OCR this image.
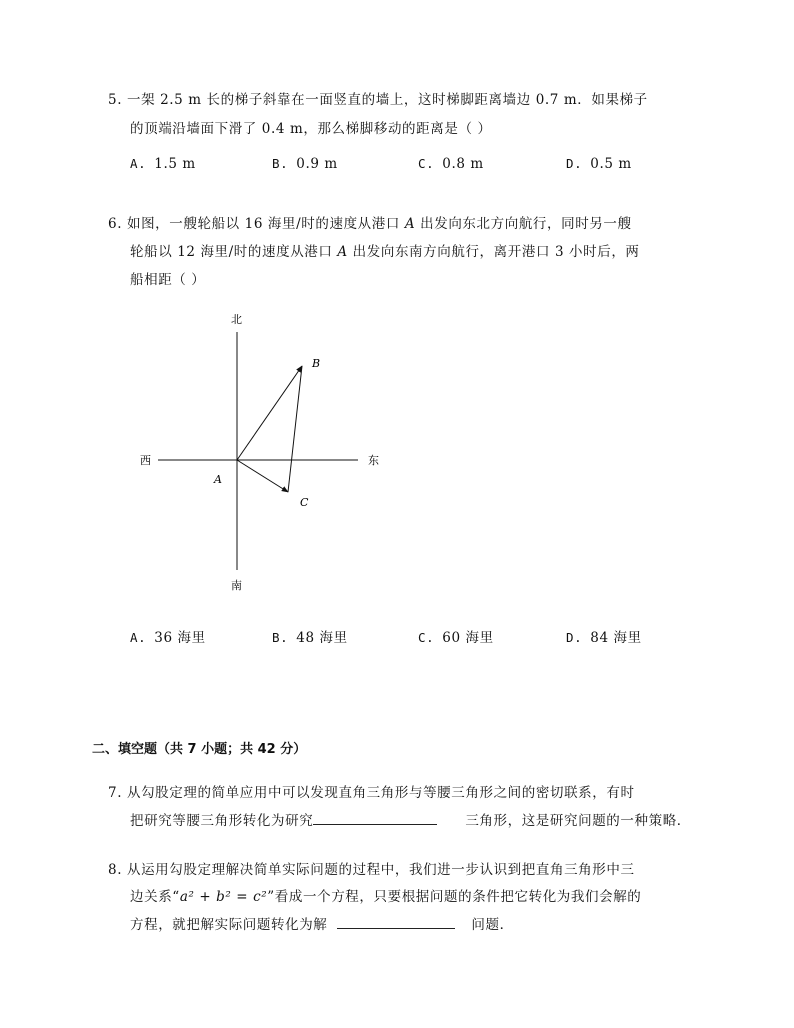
5. 一架 2.5 m 长的梯子斜靠在一面竖直的墙上，这时梯脚距离墙边 0.7 m．如果梯子
的顶端沿墙面下滑了 0.4 m，那么梯脚移动的距离是（ ）
A. 1.5 m	B. 0.9 m	C. 0.8 m	D. 0.5 m
6. 如图，一艘轮船以 16 海里/时的速度从港口 A 出发向东北方向航行，同时另一艘
轮船以 12 海里/时的速度从港口 A 出发向东南方向航行，离开港口 3 小时后，两
船相距（ ）
北
南
西	东
A
B
C
A. 36 海里	B. 48 海里	C. 60 海里	D. 84 海里
二、填空题（共 7 小题；共 42 分）
7. 从勾股定理的简单应用中可以发现直角三角形与等腰三角形之间的密切联系，有时
把研究等腰三角形转化为研究	三角形，这是研究问题的一种策略．
8. 从运用勾股定理解决简单实际问题的过程中，我们进一步认识到把直角三角形中三
边关系“a² + b² = c²”看成一个方程，只要根据问题的条件把它转化为我们会解的
方程，就把解实际问题转化为解	问题．
